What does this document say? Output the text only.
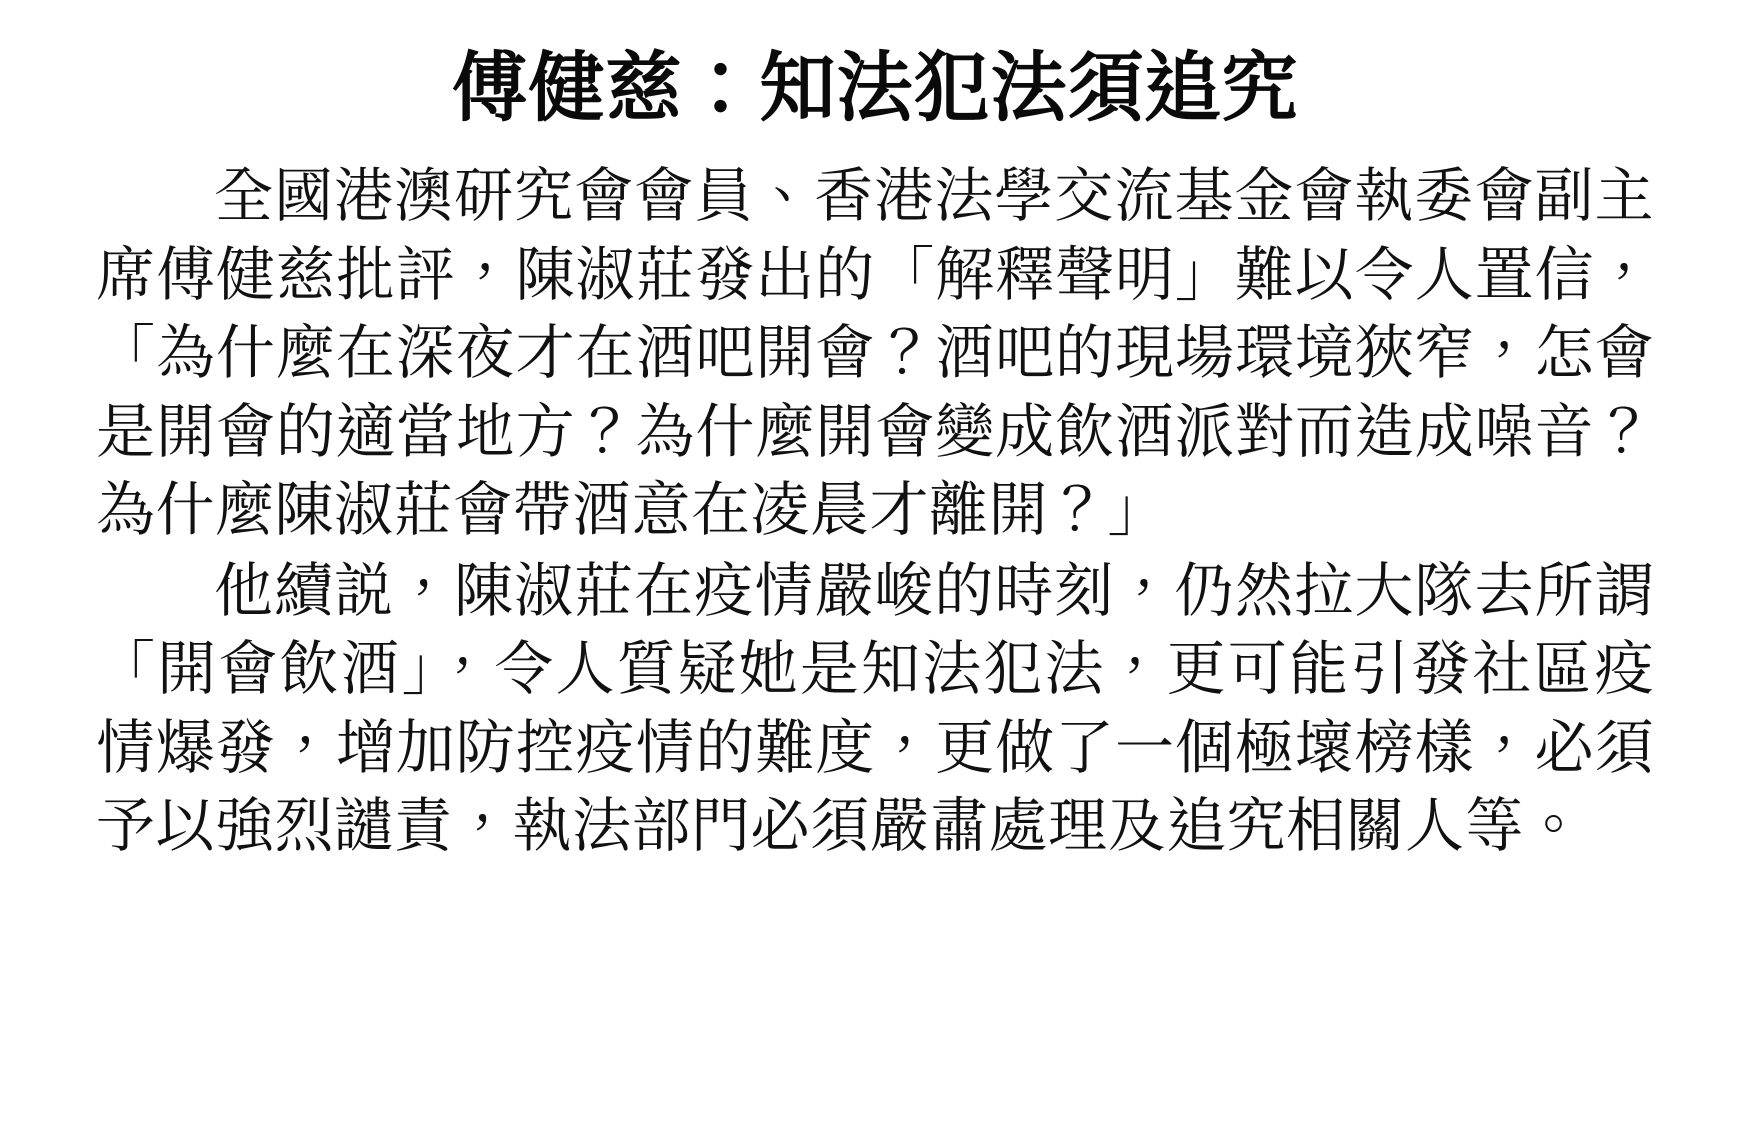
傅健慈：知法犯法須追究

全國港澳研究會會員、香港法學交流基金會執委會副主席傅健慈批評，陳淑莊發出的「解釋聲明」難以令人置信，「為什麼在深夜才在酒吧開會？酒吧的現場環境狹窄，怎會是開會的適當地方？為什麼開會變成飲酒派對而造成噪音？為什麼陳淑莊會帶酒意在凌晨才離開？」

他續説，陳淑莊在疫情嚴峻的時刻，仍然拉大隊去所謂「開會飲酒」，令人質疑她是知法犯法，更可能引發社區疫情爆發，增加防控疫情的難度，更做了一個極壞榜樣，必須予以強烈譴責，執法部門必須嚴肅處理及追究相關人等。
